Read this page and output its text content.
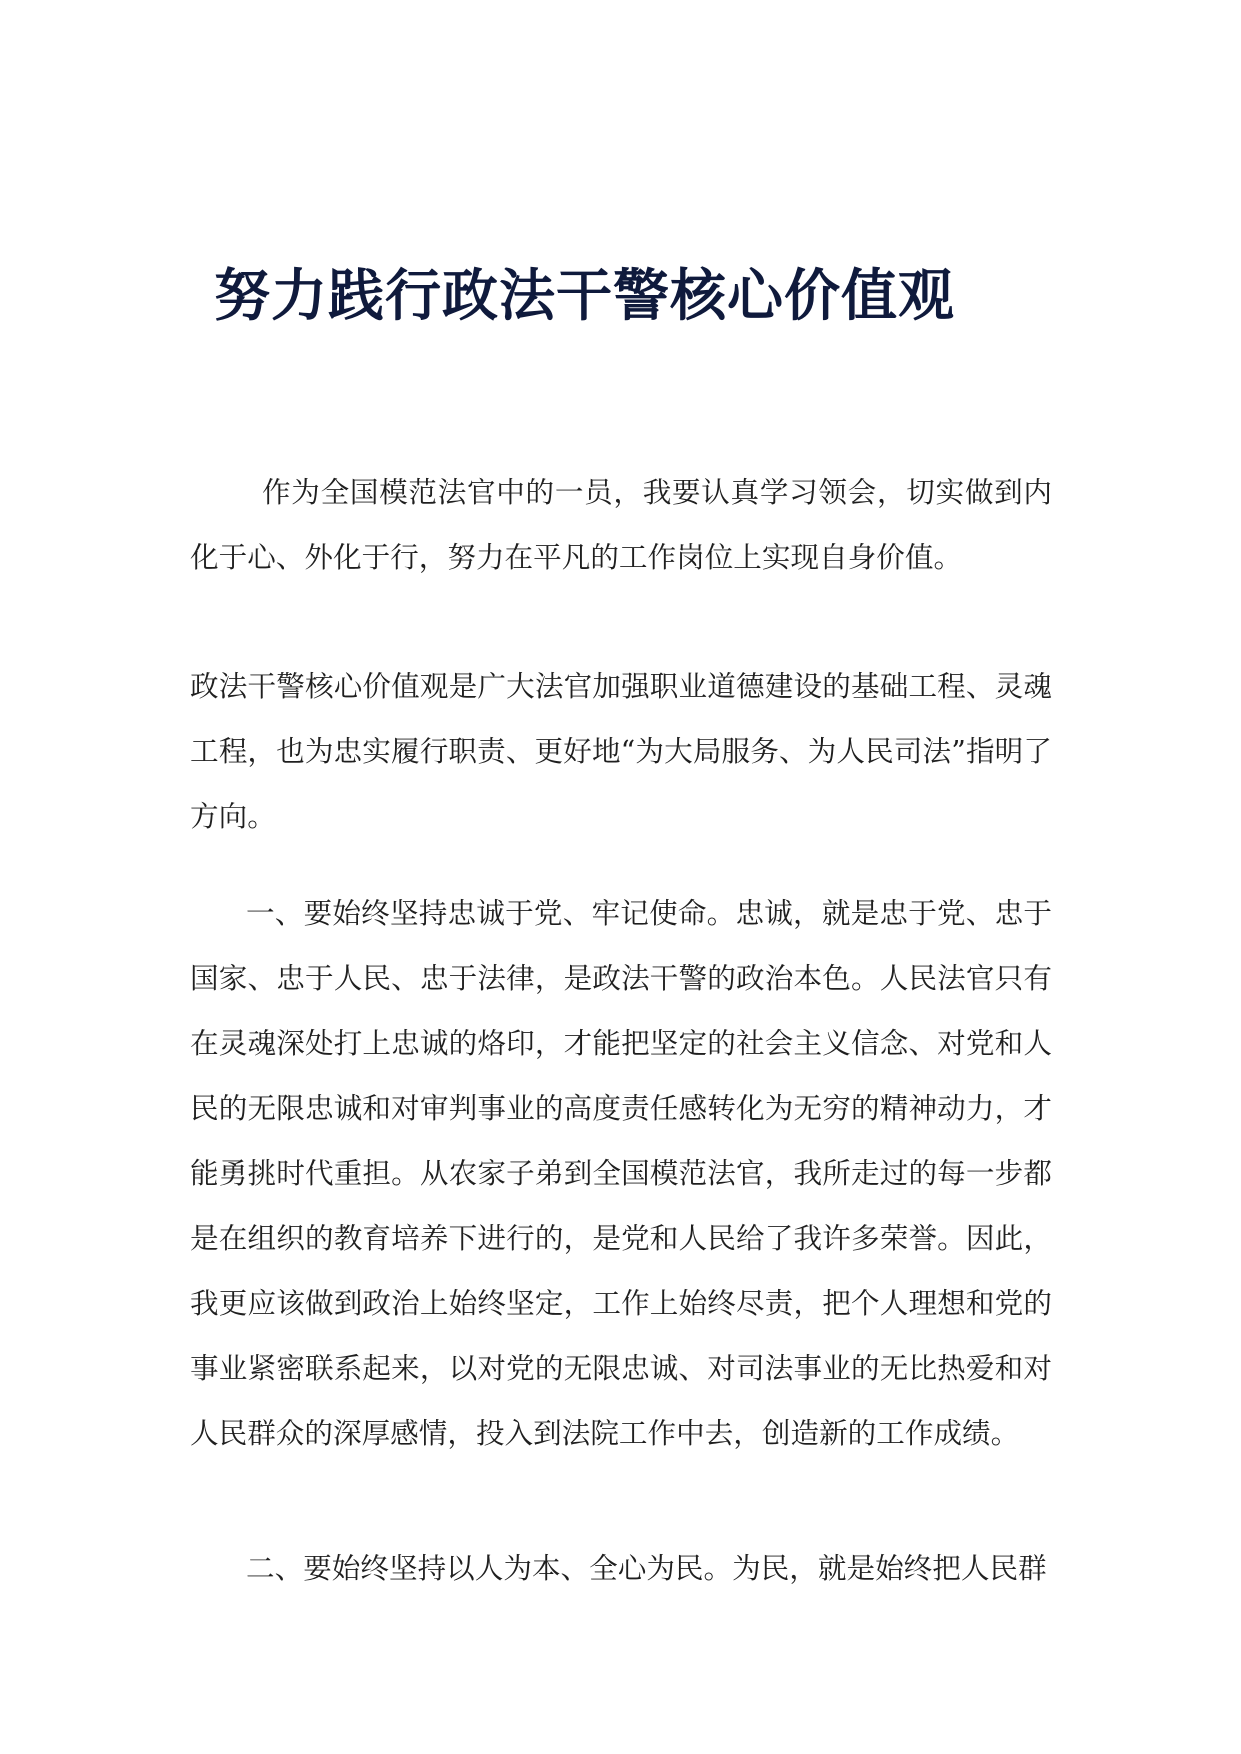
努力践行政法干警核心价值观

作为全国模范法官中的一员，我要认真学习领会，切实做到内化于心、外化于行，努力在平凡的工作岗位上实现自身价值。

政法干警核心价值观是广大法官加强职业道德建设的基础工程、灵魂工程，也为忠实履行职责、更好地“为大局服务、为人民司法”指明了方向。

一、要始终坚持忠诚于党、牢记使命。忠诚，就是忠于党、忠于国家、忠于人民、忠于法律，是政法干警的政治本色。人民法官只有在灵魂深处打上忠诚的烙印，才能把坚定的社会主义信念、对党和人民的无限忠诚和对审判事业的高度责任感转化为无穷的精神动力，才能勇挑时代重担。从农家子弟到全国模范法官，我所走过的每一步都是在组织的教育培养下进行的，是党和人民给了我许多荣誉。因此，我更应该做到政治上始终坚定，工作上始终尽责，把个人理想和党的事业紧密联系起来，以对党的无限忠诚、对司法事业的无比热爱和对人民群众的深厚感情，投入到法院工作中去，创造新的工作成绩。

二、要始终坚持以人为本、全心为民。为民，就是始终把人民群
